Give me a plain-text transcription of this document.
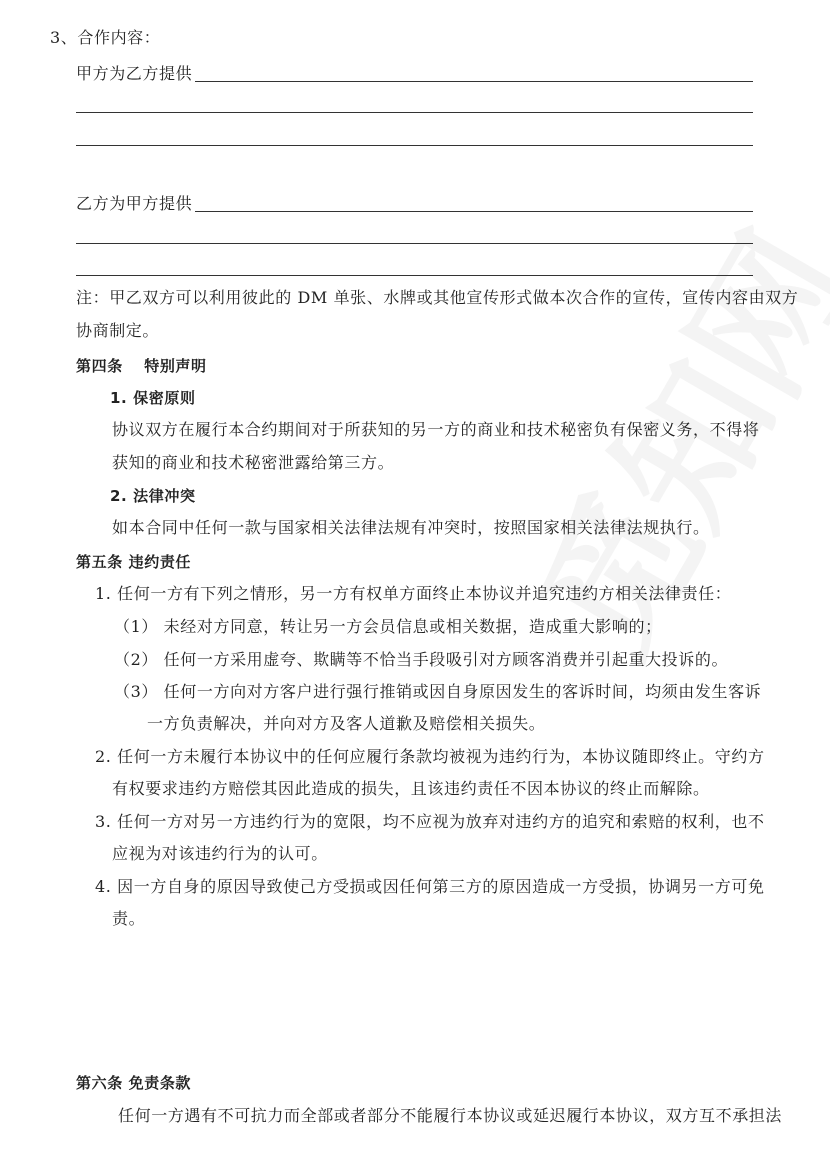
3、合作内容：
甲方为乙方提供
乙方为甲方提供
注：甲乙双方可以利用彼此的 DM 单张、水牌或其他宣传形式做本次合作的宣传，宣传内容由双方
协商制定。
第四条　 特别声明
1. 保密原则
协议双方在履行本合约期间对于所获知的另一方的商业和技术秘密负有保密义务，不得将
获知的商业和技术秘密泄露给第三方。
2. 法律冲突
如本合同中任何一款与国家相关法律法规有冲突时，按照国家相关法律法规执行。
第五条 违约责任
1. 任何一方有下列之情形，另一方有权单方面终止本协议并追究违约方相关法律责任：
（1） 未经对方同意，转让另一方会员信息或相关数据，造成重大影响的；
（2） 任何一方采用虚夸、欺瞒等不恰当手段吸引对方顾客消费并引起重大投诉的。
（3） 任何一方向对方客户进行强行推销或因自身原因发生的客诉时间，均须由发生客诉
一方负责解决，并向对方及客人道歉及赔偿相关损失。
2. 任何一方未履行本协议中的任何应履行条款均被视为违约行为，本协议随即终止。守约方
有权要求违约方赔偿其因此造成的损失，且该违约责任不因本协议的终止而解除。
3. 任何一方对另一方违约行为的宽限，均不应视为放弃对违约方的追究和索赔的权利，也不
应视为对该违约行为的认可。
4. 因一方自身的原因导致使己方受损或因任何第三方的原因造成一方受损，协调另一方可免
责。
第六条 免责条款
任何一方遇有不可抗力而全部或者部分不能履行本协议或延迟履行本协议，双方互不承担法
